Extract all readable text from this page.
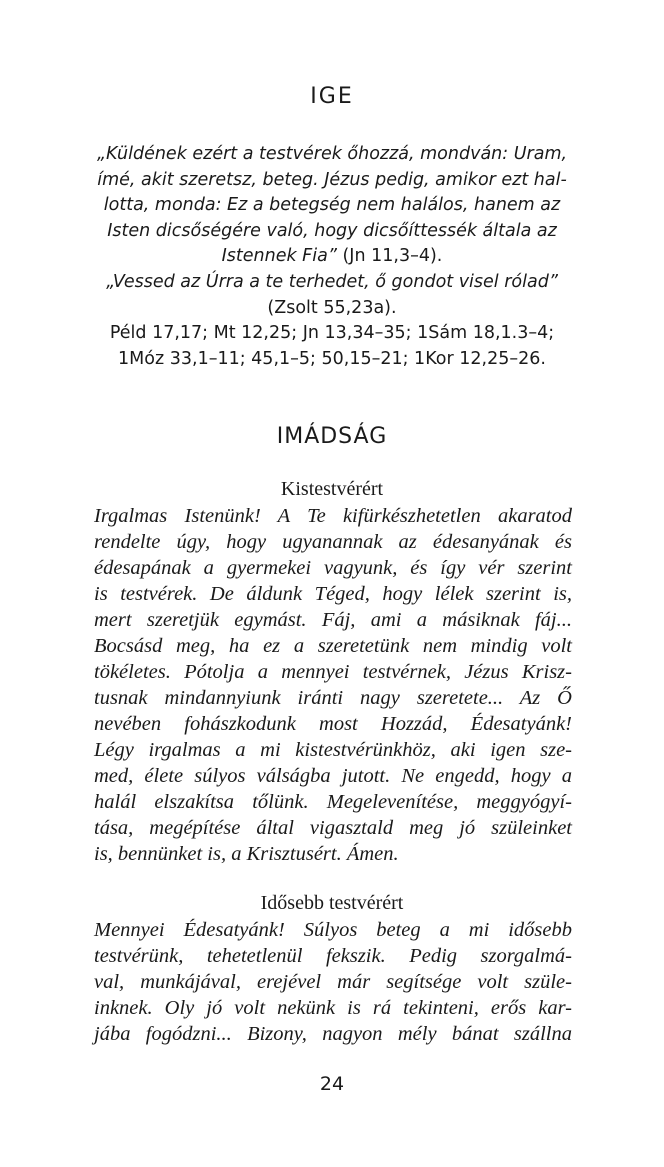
IGE
„Küldének ezért a testvérek őhozzá, mondván: Uram,
ímé, akit szeretsz, beteg. Jézus pedig, amikor ezt hal-
lotta, monda: Ez a betegség nem halálos, hanem az
Isten dicsőségére való, hogy dicsőíttessék általa az
Istennek Fia” (Jn 11,3–4).
„Vessed az Úrra a te terhedet, ő gondot visel rólad”
(Zsolt 55,23a).
Péld 17,17; Mt 12,25; Jn 13,34–35; 1Sám 18,1.3–4;
1Móz 33,1–11; 45,1–5; 50,15–21; 1Kor 12,25–26.
IMÁDSÁG
Kistestvérért
Irgalmas Istenünk! A Te kifürkészhetetlen akaratod
rendelte úgy, hogy ugyanannak az édesanyának és
édesapának a gyermekei vagyunk, és így vér szerint
is testvérek. De áldunk Téged, hogy lélek szerint is,
mert szeretjük egymást. Fáj, ami a másiknak fáj...
Bocsásd meg, ha ez a szeretetünk nem mindig volt
tökéletes. Pótolja a mennyei testvérnek, Jézus Krisz-
tusnak mindannyiunk iránti nagy szeretete... Az Ő
nevében fohászkodunk most Hozzád, Édesatyánk!
Légy irgalmas a mi kistestvérünkhöz, aki igen sze-
med, élete súlyos válságba jutott. Ne engedd, hogy a
halál elszakítsa tőlünk. Megelevenítése, meggyógyí-
tása, megépítése által vigasztald meg jó szüleinket
is, bennünket is, a Krisztusért. Ámen.
Idősebb testvérért
Mennyei Édesatyánk! Súlyos beteg a mi idősebb
testvérünk, tehetetlenül fekszik. Pedig szorgalmá-
val, munkájával, erejével már segítsége volt szüle-
inknek. Oly jó volt nekünk is rá tekinteni, erős kar-
jába fogódzni... Bizony, nagyon mély bánat szállna
24
